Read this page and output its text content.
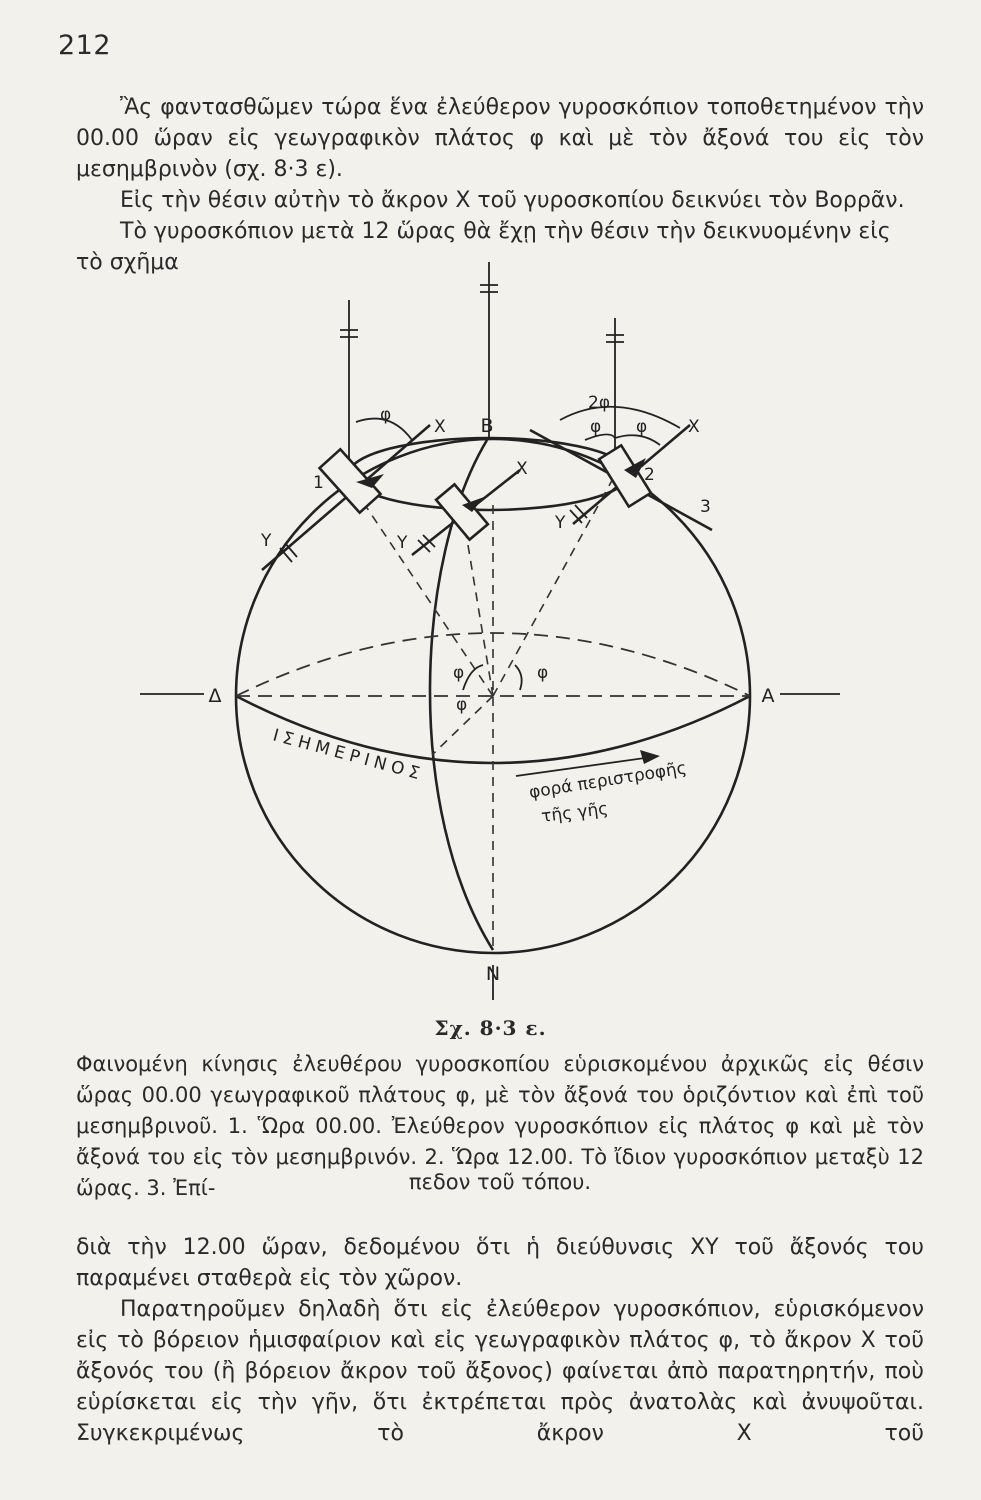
212

Ἂς φαντασθῶμεν τώρα ἕνα ἐλεύθερον γυροσκόπιον τοποθετημένον τὴν 00.00 ὥραν εἰς γεωγραφικὸν πλάτος φ καὶ μὲ τὸν ἄξονά του εἰς τὸν μεσημβρινὸν (σχ. 8·3 ε).

Εἰς τὴν θέσιν αὐτὴν τὸ ἄκρον X τοῦ γυροσκοπίου δεικνύει τὸν Βορρᾶν.

Τὸ γυροσκόπιον μετὰ 12 ὥρας θὰ ἔχῃ τὴν θέσιν τὴν δεικνυομένην εἰς τὸ σχῆμα

B
N
Δ	A
φ
X
Y
1
X
Y
2φ
φ φ X
Y
2
3
φ
φ
φ
ΙΣΗΜΕΡΙΝΟΣ	φορά περιστροφῆς
τῆς γῆς
Σχ. 8·3 ε.

Φαινομένη κίνησις ἐλευθέρου γυροσκοπίου εὑρισκομένου ἀρχικῶς εἰς θέσιν ὥρας 00.00 γεωγραφικοῦ πλάτους φ, μὲ τὸν ἄξονά του ὁριζόντιον καὶ ἐπὶ τοῦ μεσημβρινοῦ. 1. Ὥρα 00.00. Ἐλεύθερον γυροσκόπιον εἰς πλάτος φ καὶ μὲ τὸν ἄξονά του εἰς τὸν μεσημβρινόν. 2. Ὥρα 12.00. Τὸ ἴδιον γυροσκόπιον μεταξὺ 12 ὥρας. 3. Ἐπί-	πεδον τοῦ τόπου.

διὰ τὴν 12.00 ὥραν, δεδομένου ὅτι ἡ διεύθυνσις XY τοῦ ἄξονός του παραμένει σταθερὰ εἰς τὸν χῶρον.

Παρατηροῦμεν δηλαδὴ ὅτι εἰς ἐλεύθερον γυροσκόπιον, εὑρισκόμενον εἰς τὸ βόρειον ἡμισφαίριον καὶ εἰς γεωγραφικὸν πλάτος φ, τὸ ἄκρον X τοῦ ἄξονός του (ἢ βόρειον ἄκρον τοῦ ἄξονος) φαίνεται ἀπὸ παρατηρητήν, ποὺ εὑρίσκεται εἰς τὴν γῆν, ὅτι ἐκτρέπεται πρὸς ἀνατολὰς καὶ ἀνυψοῦται. Συγκεκριμένως τὸ ἄκρον X τοῦ
